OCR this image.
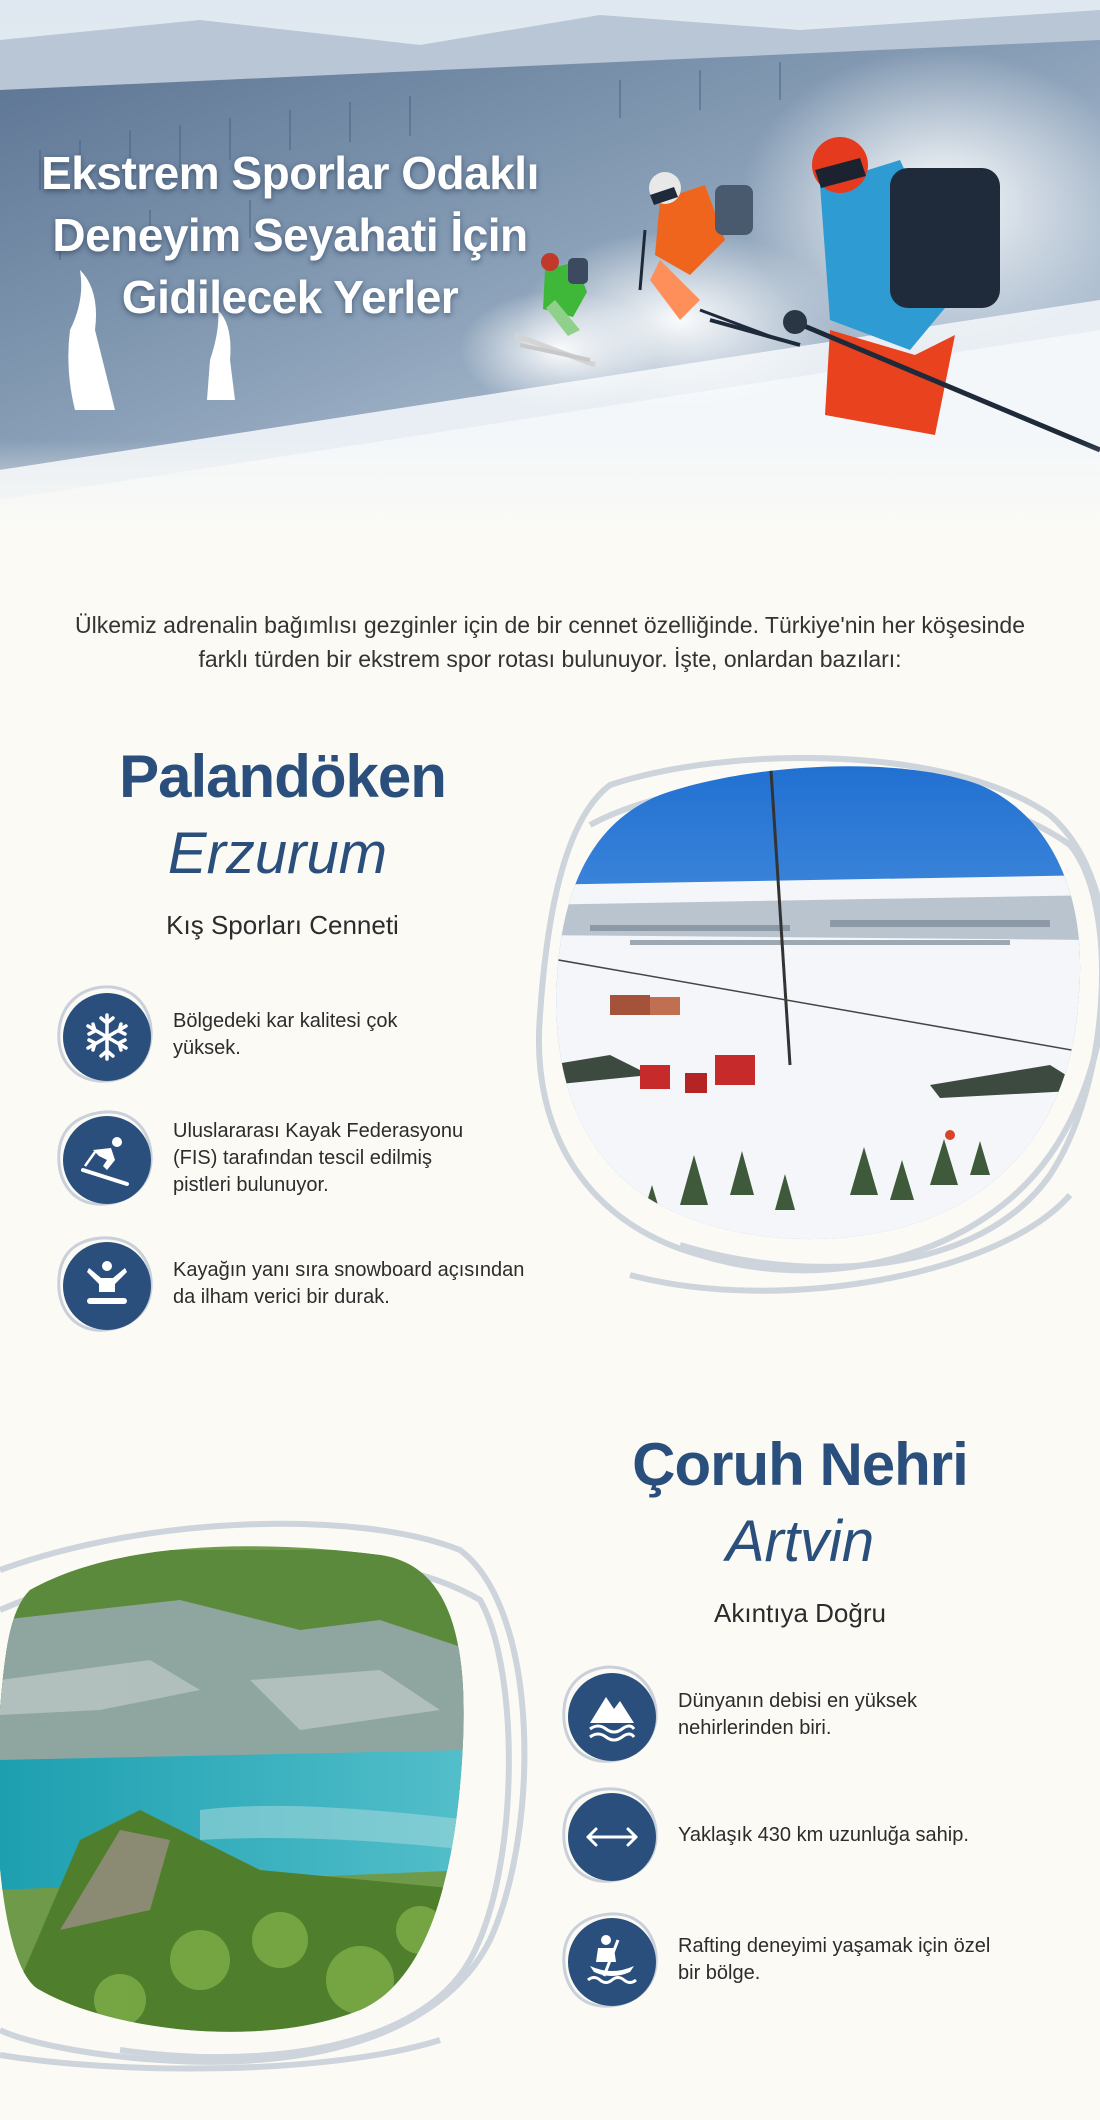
Ekstrem Sporlar Odaklı
Deneyim Seyahati İçin
Gidilecek Yerler

Ülkemiz adrenalin bağımlısı gezginler için de bir cennet özelliğinde. Türkiye'nin her köşesinde farklı türden bir ekstrem spor rotası bulunuyor. İşte, onlardan bazıları:

Palandöken
Erzurum
Kış Sporları Cenneti
Bölgedeki kar kalitesi çok yüksek.
Uluslararası Kayak Federasyonu (FIS) tarafından tescil edilmiş pistleri bulunuyor.
Kayağın yanı sıra snowboard açısından da ilham verici bir durak.
Çoruh Nehri
Artvin
Akıntıya Doğru
Dünyanın debisi en yüksek nehirlerinden biri.
Yaklaşık 430 km uzunluğa sahip.
Rafting deneyimi yaşamak için özel bir bölge.
